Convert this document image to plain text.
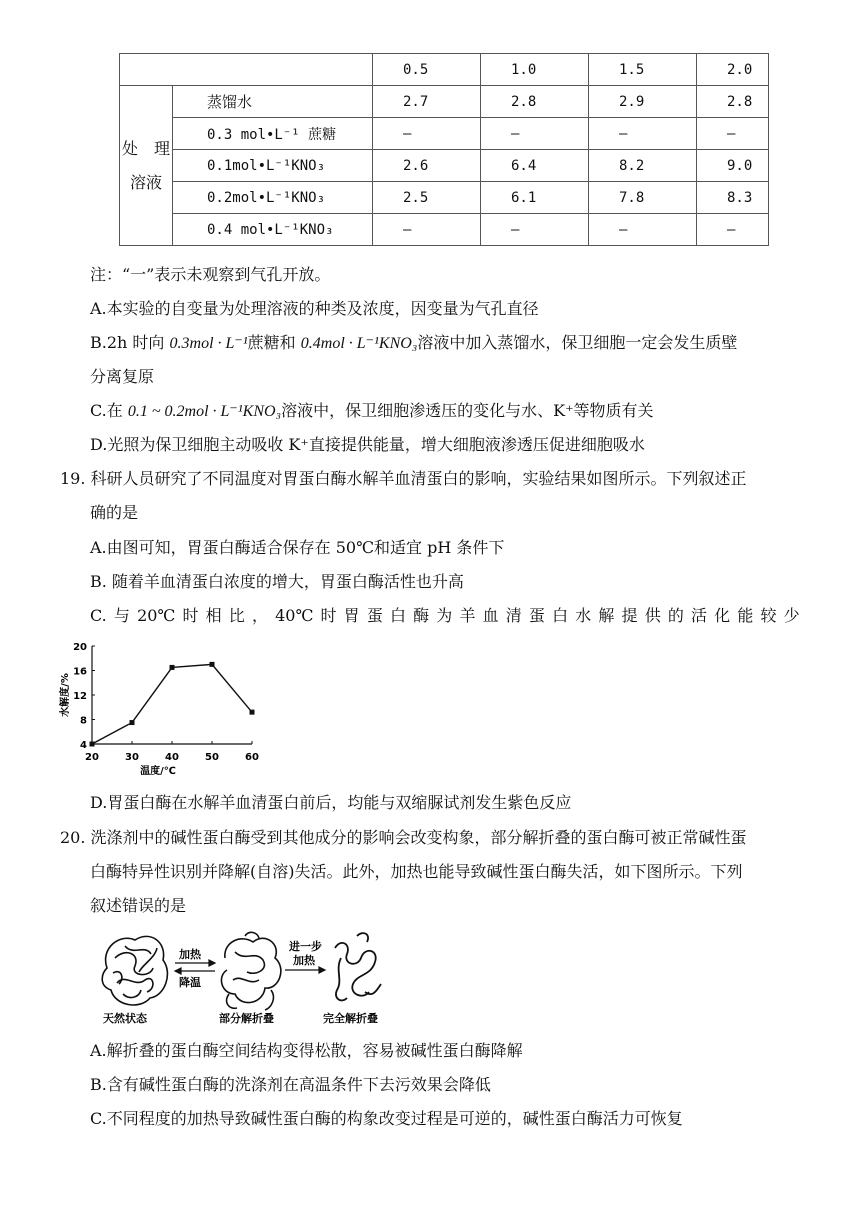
		0.5	1.0	1.5	2.0

处　理
溶液	蒸馏水	2.7	2.8	2.9	2.8
	0.3 mol•L⁻¹ 蔗糖	—	—	—	—
	0.1mol•L⁻¹KNO₃	2.6	6.4	8.2	9.0
	0.2mol•L⁻¹KNO₃	2.5	6.1	7.8	8.3
	0.4 mol•L⁻¹KNO₃	—	—	—	—
注：“一”表示未观察到气孔开放。
A.本实验的自变量为处理溶液的种类及浓度，因变量为气孔直径
B.2h 时向 0.3mol · L⁻¹蔗糖和 0.4mol · L⁻¹KNO₃溶液中加入蒸馏水，保卫细胞一定会发生质壁
分离复原
C.在 0.1 ~ 0.2mol · L⁻¹KNO₃溶液中，保卫细胞渗透压的变化与水、K⁺等物质有关
D.光照为保卫细胞主动吸收 K⁺直接提供能量，增大细胞液渗透压促进细胞吸水
19. 科研人员研究了不同温度对胃蛋白酶水解羊血清蛋白的影响，实验结果如图所示。下列叙述正
确的是
A.由图可知，胃蛋白酶适合保存在 50℃和适宜 pH 条件下
B. 随着羊血清蛋白浓度的增大，胃蛋白酶活性也升高
C. 与 20℃ 时 相 比 ， 40℃ 时 胃 蛋 白 酶 为 羊 血 清 蛋 白 水 解 提 供 的 活 化 能 较 少
4
8
12
16
20
20	30	40	50	60
温度/℃
水解度/%
D.胃蛋白酶在水解羊血清蛋白前后，均能与双缩脲试剂发生紫色反应
20. 洗涤剂中的碱性蛋白酶受到其他成分的影响会改变构象，部分解折叠的蛋白酶可被正常碱性蛋
白酶特异性识别并降解(自溶)失活。此外，加热也能导致碱性蛋白酶失活，如下图所示。下列
叙述错误的是
天然状态
加热
降温
部分解折叠
进一步
加热
完全解折叠
A.解折叠的蛋白酶空间结构变得松散，容易被碱性蛋白酶降解
B.含有碱性蛋白酶的洗涤剂在高温条件下去污效果会降低
C.不同程度的加热导致碱性蛋白酶的构象改变过程是可逆的，碱性蛋白酶活力可恢复
